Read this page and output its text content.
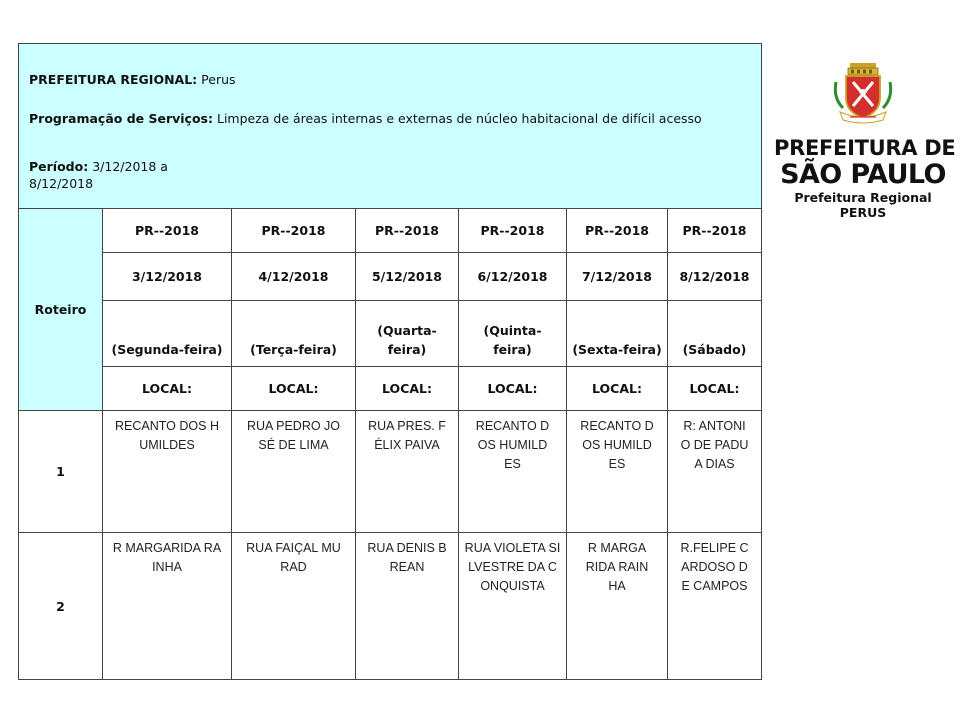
PREFEITURA REGIONAL: Perus

Programação de Serviços: Limpeza de áreas internas e externas de núcleo habitacional de difícil acesso

Período: 3/12/2018 a 8/12/2018						

Roteiro	PR--2018	PR--2018	PR--2018	PR--2018	PR--2018	PR--2018
	3/12/2018	4/12/2018	5/12/2018	6/12/2018	7/12/2018	8/12/2018

	(Segunda-feira)	(Terça-feira)	(Quarta-feira)	(Quinta-feira)	(Sexta-feira)	(Sábado)

	LOCAL:	LOCAL:	LOCAL:	LOCAL:	LOCAL:	LOCAL:
1	RECANTO DOS HUMILDES	RUA PEDRO JOSÉ DE LIMA	RUA PRES. FÉLIX PAIVA	RECANTO DOS HUMILDES	RECANTO DOS HUMILDES	R: ANTONIO DE PADUA DIAS

2	R MARGARIDA RAINHA	RUA FAIÇAL MURAD	RUA DENIS BREAN	RUA VIOLETA SILVESTRE DA CONQUISTA	R MARGARIDA RAINHA	R.FELIPE CARDOSO DE CAMPOS
PREFEITURA DE
SÃO PAULO
Prefeitura Regional
PERUS
